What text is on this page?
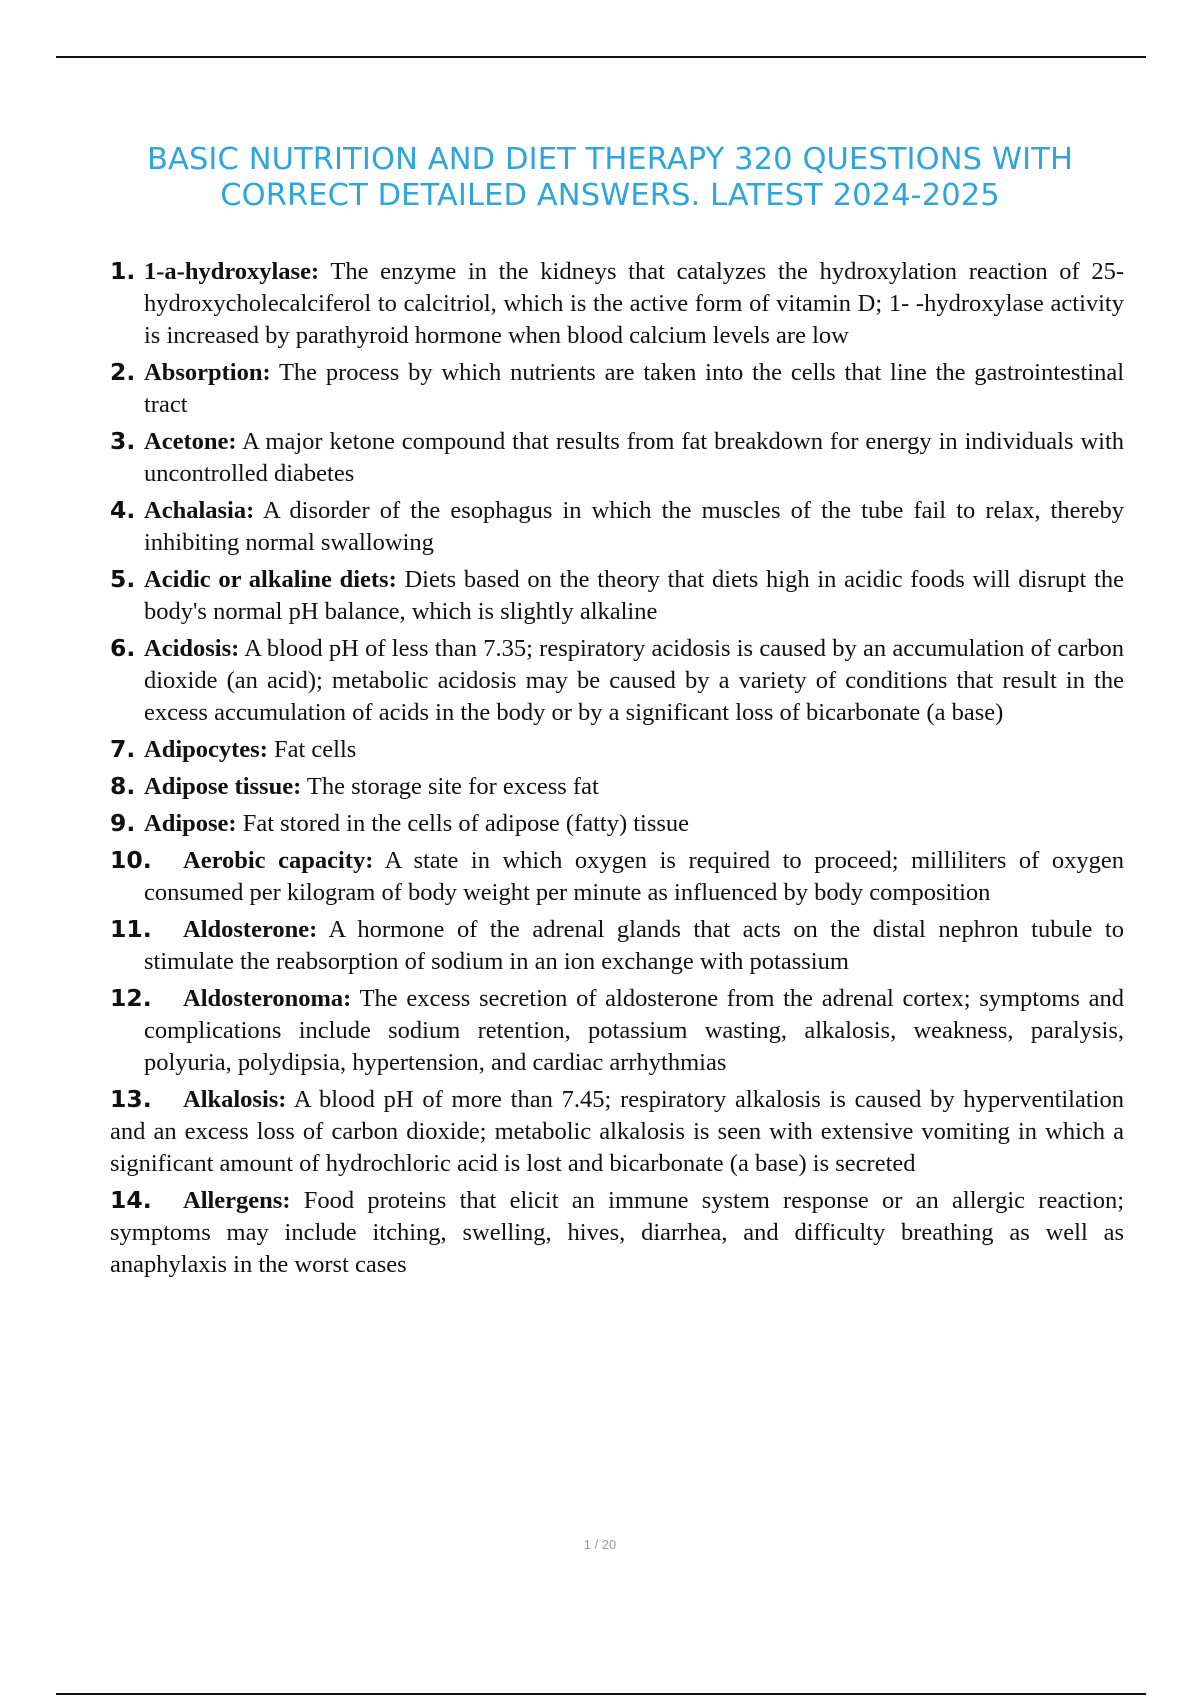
BASIC NUTRITION AND DIET THERAPY 320 QUESTIONS WITH
CORRECT DETAILED ANSWERS. LATEST 2024-2025
1. 1-a-hydroxylase: The enzyme in the kidneys that catalyzes the hydroxylation reaction of 25-hydroxycholecalciferol to calcitriol, which is the active form of vitamin D; 1- -hydroxylase activity is increased by parathyroid hormone when blood calcium levels are low
2. Absorption: The process by which nutrients are taken into the cells that line the gastrointestinal tract
3. Acetone: A major ketone compound that results from fat breakdown for energy in individuals with uncontrolled diabetes
4. Achalasia: A disorder of the esophagus in which the muscles of the tube fail to relax, thereby inhibiting normal swallowing
5. Acidic or alkaline diets: Diets based on the theory that diets high in acidic foods will disrupt the body's normal pH balance, which is slightly alkaline
6. Acidosis: A blood pH of less than 7.35; respiratory acidosis is caused by an accumulation of carbon dioxide (an acid); metabolic acidosis may be caused by a variety of conditions that result in the excess accumulation of acids in the body or by a significant loss of bicarbonate (a base)
7. Adipocytes: Fat cells
8. Adipose tissue: The storage site for excess fat
9. Adipose: Fat stored in the cells of adipose (fatty) tissue
10. Aerobic capacity: A state in which oxygen is required to proceed; milliliters of oxygen consumed per kilogram of body weight per minute as influenced by body composition
11. Aldosterone: A hormone of the adrenal glands that acts on the distal nephron tubule to stimulate the reabsorption of sodium in an ion exchange with potassium
12. Aldosteronoma: The excess secretion of aldosterone from the adrenal cortex; symptoms and complications include sodium retention, potassium wasting, alkalosis, weakness, paralysis, polyuria, polydipsia, hypertension, and cardiac arrhythmias
13. Alkalosis: A blood pH of more than 7.45; respiratory alkalosis is caused by hyperventilation and an excess loss of carbon dioxide; metabolic alkalosis is seen with extensive vomiting in which a significant amount of hydrochloric acid is lost and bicarbonate (a base) is secreted
14. Allergens: Food proteins that elicit an immune system response or an allergic reaction; symptoms may include itching, swelling, hives, diarrhea, and difficulty breathing as well as anaphylaxis in the worst cases
1 / 20
